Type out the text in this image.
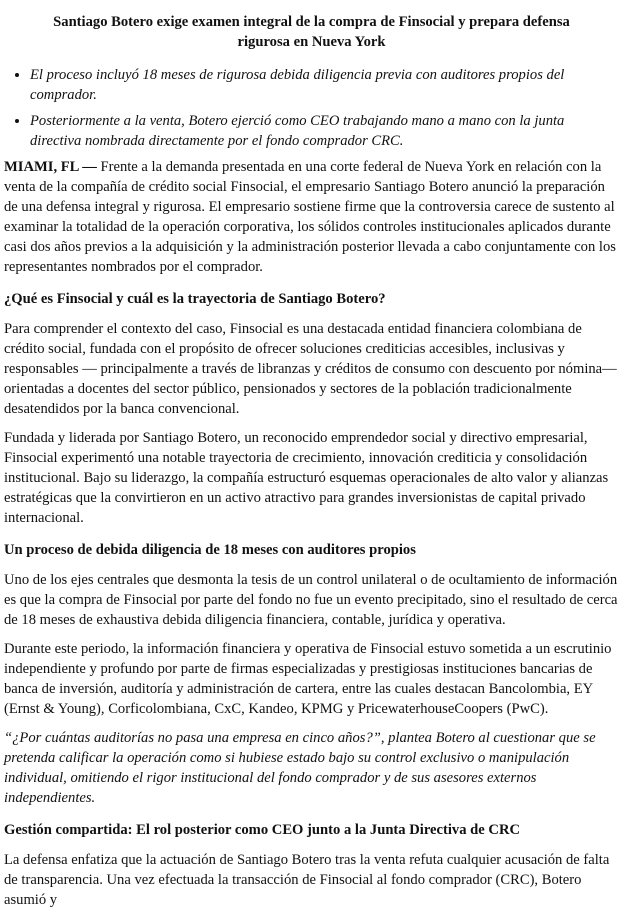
Santiago Botero exige examen integral de la compra de Finsocial y prepara defensa rigurosa en Nueva York
• El proceso incluyó 18 meses de rigurosa debida diligencia previa con auditores propios del comprador.
• Posteriormente a la venta, Botero ejerció como CEO trabajando mano a mano con la junta directiva nombrada directamente por el fondo comprador CRC.

MIAMI, FL — Frente a la demanda presentada en una corte federal de Nueva York en relación con la venta de la compañía de crédito social Finsocial, el empresario Santiago Botero anunció la preparación de una defensa integral y rigurosa. El empresario sostiene firme que la controversia carece de sustento al examinar la totalidad de la operación corporativa, los sólidos controles institucionales aplicados durante casi dos años previos a la adquisición y la administración posterior llevada a cabo conjuntamente con los representantes nombrados por el comprador.

¿Qué es Finsocial y cuál es la trayectoria de Santiago Botero?

Para comprender el contexto del caso, Finsocial es una destacada entidad financiera colombiana de crédito social, fundada con el propósito de ofrecer soluciones crediticias accesibles, inclusivas y responsables — principalmente a través de libranzas y créditos de consumo con descuento por nómina— orientadas a docentes del sector público, pensionados y sectores de la población tradicionalmente desatendidos por la banca convencional.

Fundada y liderada por Santiago Botero, un reconocido emprendedor social y directivo empresarial, Finsocial experimentó una notable trayectoria de crecimiento, innovación crediticia y consolidación institucional. Bajo su liderazgo, la compañía estructuró esquemas operacionales de alto valor y alianzas estratégicas que la convirtieron en un activo atractivo para grandes inversionistas de capital privado internacional.

Un proceso de debida diligencia de 18 meses con auditores propios

Uno de los ejes centrales que desmonta la tesis de un control unilateral o de ocultamiento de información es que la compra de Finsocial por parte del fondo no fue un evento precipitado, sino el resultado de cerca de 18 meses de exhaustiva debida diligencia financiera, contable, jurídica y operativa.

Durante este periodo, la información financiera y operativa de Finsocial estuvo sometida a un escrutinio independiente y profundo por parte de firmas especializadas y prestigiosas instituciones bancarias de banca de inversión, auditoría y administración de cartera, entre las cuales destacan Bancolombia, EY (Ernst & Young), Corficolombiana, CxC, Kandeo, KPMG y PricewaterhouseCoopers (PwC).

“¿Por cuántas auditorías no pasa una empresa en cinco años?”, plantea Botero al cuestionar que se pretenda calificar la operación como si hubiese estado bajo su control exclusivo o manipulación individual, omitiendo el rigor institucional del fondo comprador y de sus asesores externos independientes.

Gestión compartida: El rol posterior como CEO junto a la Junta Directiva de CRC

La defensa enfatiza que la actuación de Santiago Botero tras la venta refuta cualquier acusación de falta de transparencia. Una vez efectuada la transacción de Finsocial al fondo comprador (CRC), Botero asumió y
